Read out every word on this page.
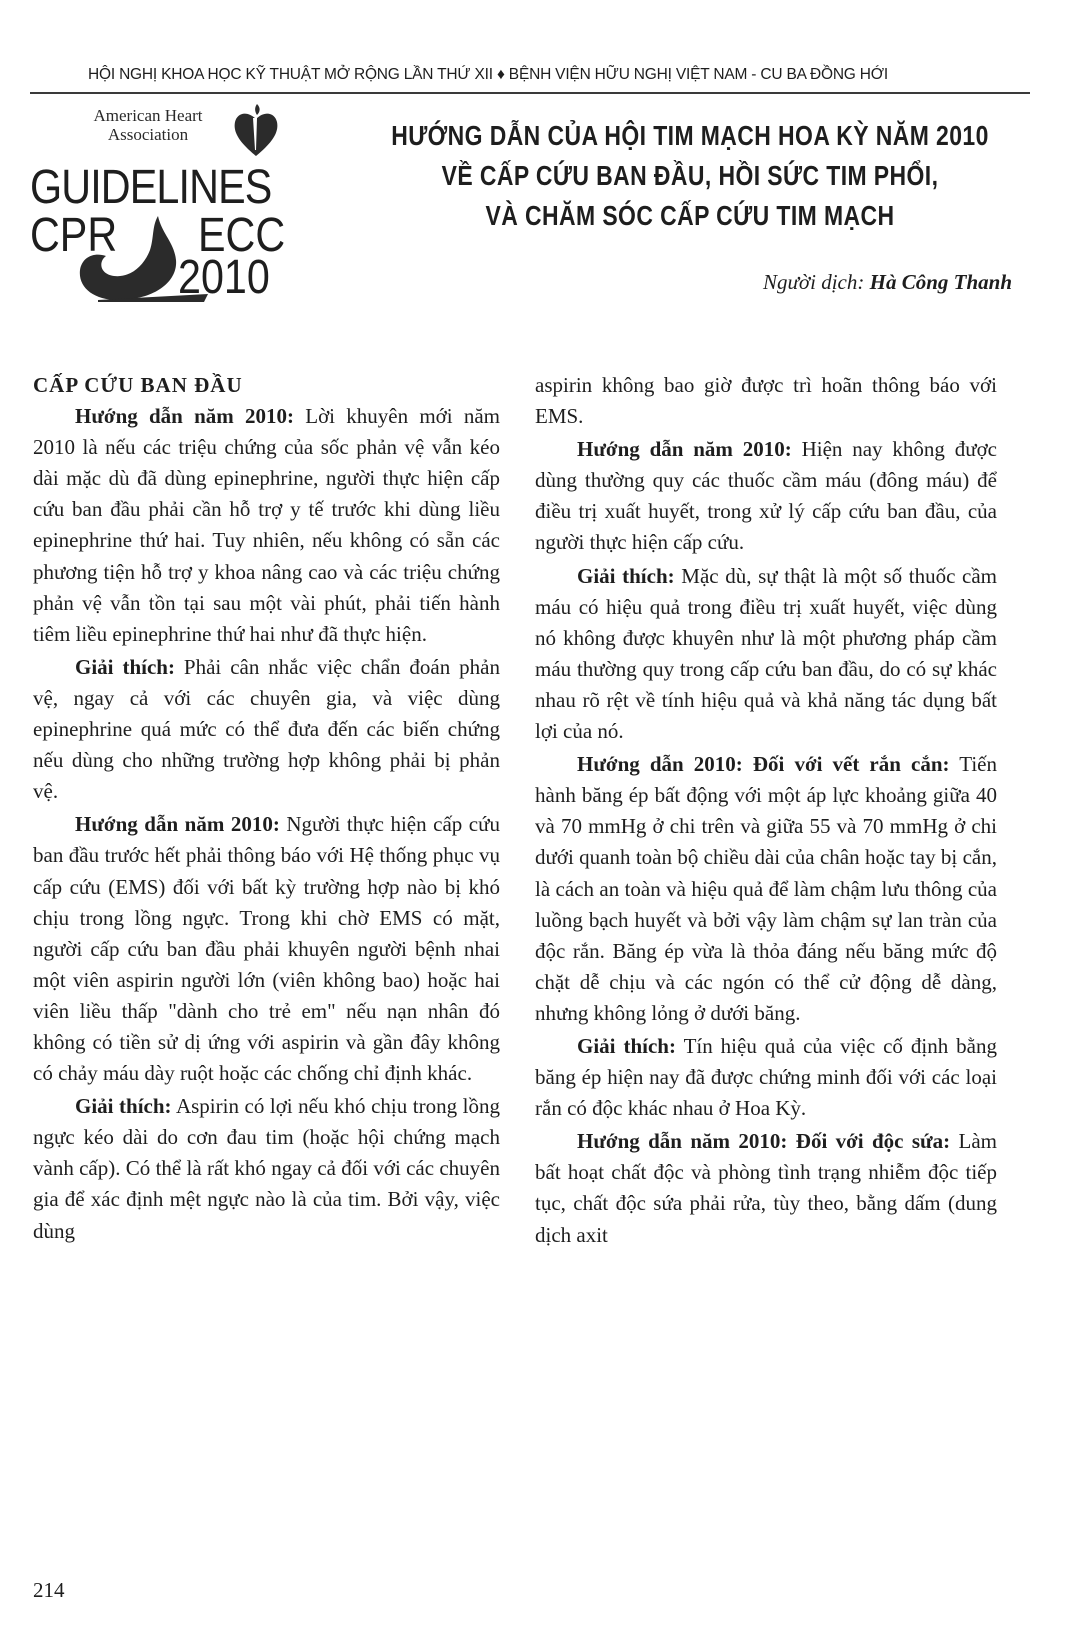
HỘI NGHỊ KHOA HỌC KỸ THUẬT MỞ RỘNG LẦN THỨ XII ♦ BỆNH VIỆN HỮU NGHỊ VIỆT NAM - CU BA ĐỒNG HỚI
American Heart
Association
GUIDELINES
CPR ECC
2010
HƯỚNG DẪN CỦA HỘI TIM MẠCH HOA KỲ NĂM 2010
VỀ CẤP CỨU BAN ĐẦU, HỒI SỨC TIM PHỔI,
VÀ CHĂM SÓC CẤP CỨU TIM MẠCH
Người dịch: Hà Công Thanh

CẤP CỨU BAN ĐẦU

Hướng dẫn năm 2010: Lời khuyên mới năm 2010 là nếu các triệu chứng của sốc phản vệ vẫn kéo dài mặc dù đã dùng epinephrine, người thực hiện cấp cứu ban đầu phải cần hỗ trợ y tế trước khi dùng liều epinephrine thứ hai. Tuy nhiên, nếu không có sẵn các phương tiện hỗ trợ y khoa nâng cao và các triệu chứng phản vệ vẫn tồn tại sau một vài phút, phải tiến hành tiêm liều epinephrine thứ hai như đã thực hiện.

Giải thích: Phải cân nhắc việc chẩn đoán phản vệ, ngay cả với các chuyên gia, và việc dùng epinephrine quá mức có thể đưa đến các biến chứng nếu dùng cho những trường hợp không phải bị phản vệ.

Hướng dẫn năm 2010: Người thực hiện cấp cứu ban đầu trước hết phải thông báo với Hệ thống phục vụ cấp cứu (EMS) đối với bất kỳ trường hợp nào bị khó chịu trong lồng ngực. Trong khi chờ EMS có mặt, người cấp cứu ban đầu phải khuyên người bệnh nhai một viên aspirin người lớn (viên không bao) hoặc hai viên liều thấp "dành cho trẻ em" nếu nạn nhân đó không có tiền sử dị ứng với aspirin và gần đây không có chảy máu dày ruột hoặc các chống chỉ định khác.

Giải thích: Aspirin có lợi nếu khó chịu trong lồng ngực kéo dài do cơn đau tim (hoặc hội chứng mạch vành cấp). Có thể là rất khó ngay cả đối với các chuyên gia để xác định mệt ngực nào là của tim. Bởi vậy, việc dùng

aspirin không bao giờ được trì hoãn thông báo với EMS.

Hướng dẫn năm 2010: Hiện nay không được dùng thường quy các thuốc cầm máu (đông máu) để điều trị xuất huyết, trong xử lý cấp cứu ban đầu, của người thực hiện cấp cứu.

Giải thích: Mặc dù, sự thật là một số thuốc cầm máu có hiệu quả trong điều trị xuất huyết, việc dùng nó không được khuyên như là một phương pháp cầm máu thường quy trong cấp cứu ban đầu, do có sự khác nhau rõ rệt về tính hiệu quả và khả năng tác dụng bất lợi của nó.

Hướng dẫn 2010: Đối với vết rắn cắn: Tiến hành băng ép bất động với một áp lực khoảng giữa 40 và 70 mmHg ở chi trên và giữa 55 và 70 mmHg ở chi dưới quanh toàn bộ chiều dài của chân hoặc tay bị cắn, là cách an toàn và hiệu quả để làm chậm lưu thông của luồng bạch huyết và bởi vậy làm chậm sự lan tràn của độc rắn. Băng ép vừa là thỏa đáng nếu băng mức độ chặt dễ chịu và các ngón có thể cử động dễ dàng, nhưng không lỏng ở dưới băng.

Giải thích: Tín hiệu quả của việc cố định bằng băng ép hiện nay đã được chứng minh đối với các loại rắn có độc khác nhau ở Hoa Kỳ.

Hướng dẫn năm 2010: Đối với độc sứa: Làm bất hoạt chất độc và phòng tình trạng nhiễm độc tiếp tục, chất độc sứa phải rửa, tùy theo, bằng dấm (dung dịch axit

214
